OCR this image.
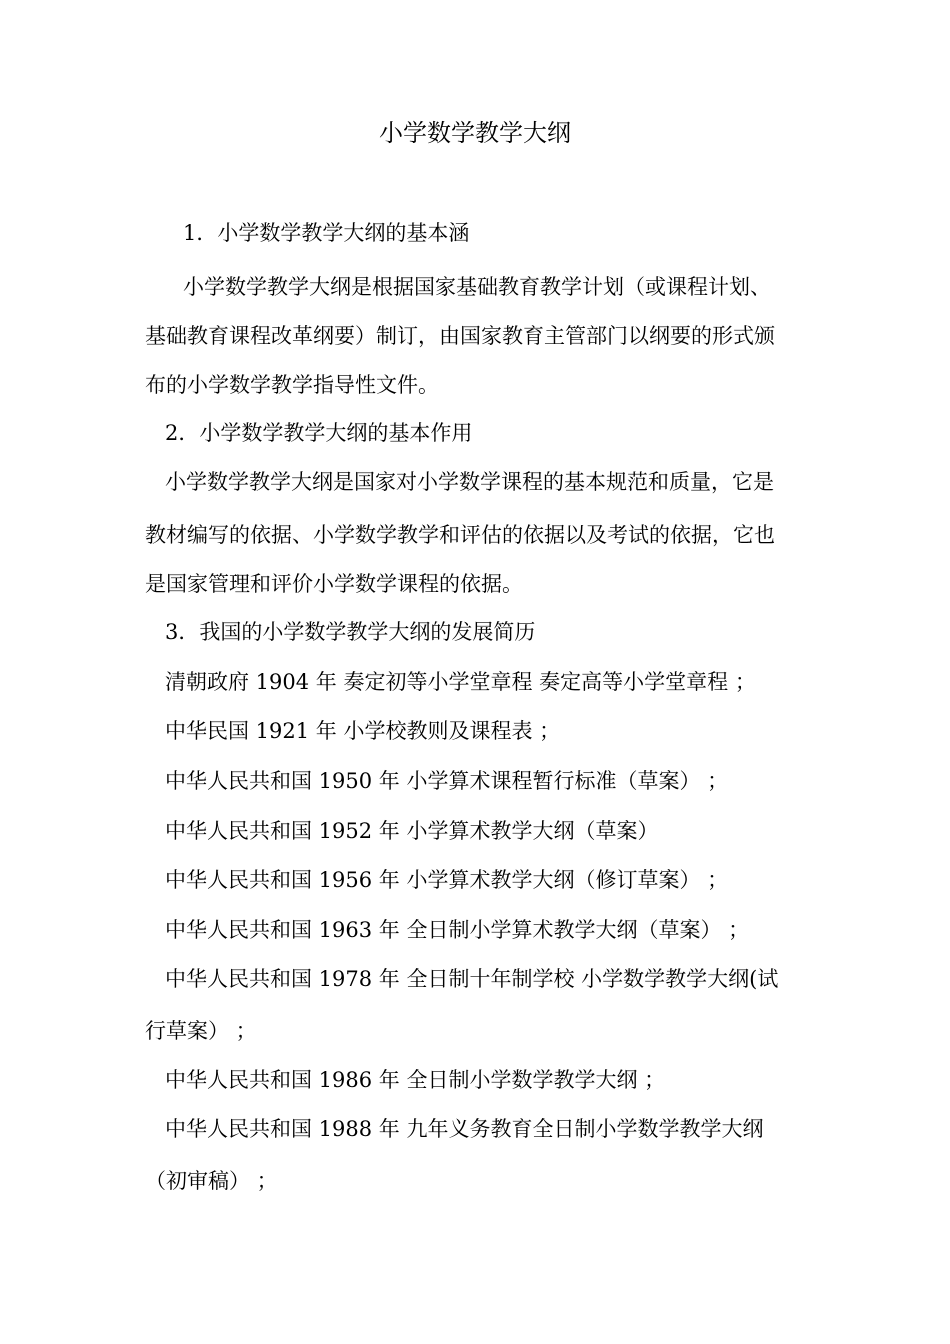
小学数学教学大纲

1．小学数学教学大纲的基本涵

小学数学教学大纲是根据国家基础教育教学计划（或课程计划、

基础教育课程改革纲要）制订，由国家教育主管部门以纲要的形式颁

布的小学数学教学指导性文件。

2．小学数学教学大纲的基本作用

小学数学教学大纲是国家对小学数学课程的基本规范和质量，它是

教材编写的依据、小学数学教学和评估的依据以及考试的依据，它也

是国家管理和评价小学数学课程的依据。

3．我国的小学数学教学大纲的发展简历

清朝政府 1904 年 奏定初等小学堂章程 奏定高等小学堂章程 ；

中华民国 1921 年 小学校教则及课程表 ；

中华人民共和国 1950 年 小学算术课程暂行标准（草案） ；

中华人民共和国 1952 年 小学算术教学大纲（草案）

中华人民共和国 1956 年 小学算术教学大纲（修订草案） ；

中华人民共和国 1963 年 全日制小学算术教学大纲（草案） ；

中华人民共和国 1978 年 全日制十年制学校 小学数学教学大纲(试

行草案） ；

中华人民共和国 1986 年 全日制小学数学教学大纲 ；

中华人民共和国 1988 年 九年义务教育全日制小学数学教学大纲

（初审稿） ；
